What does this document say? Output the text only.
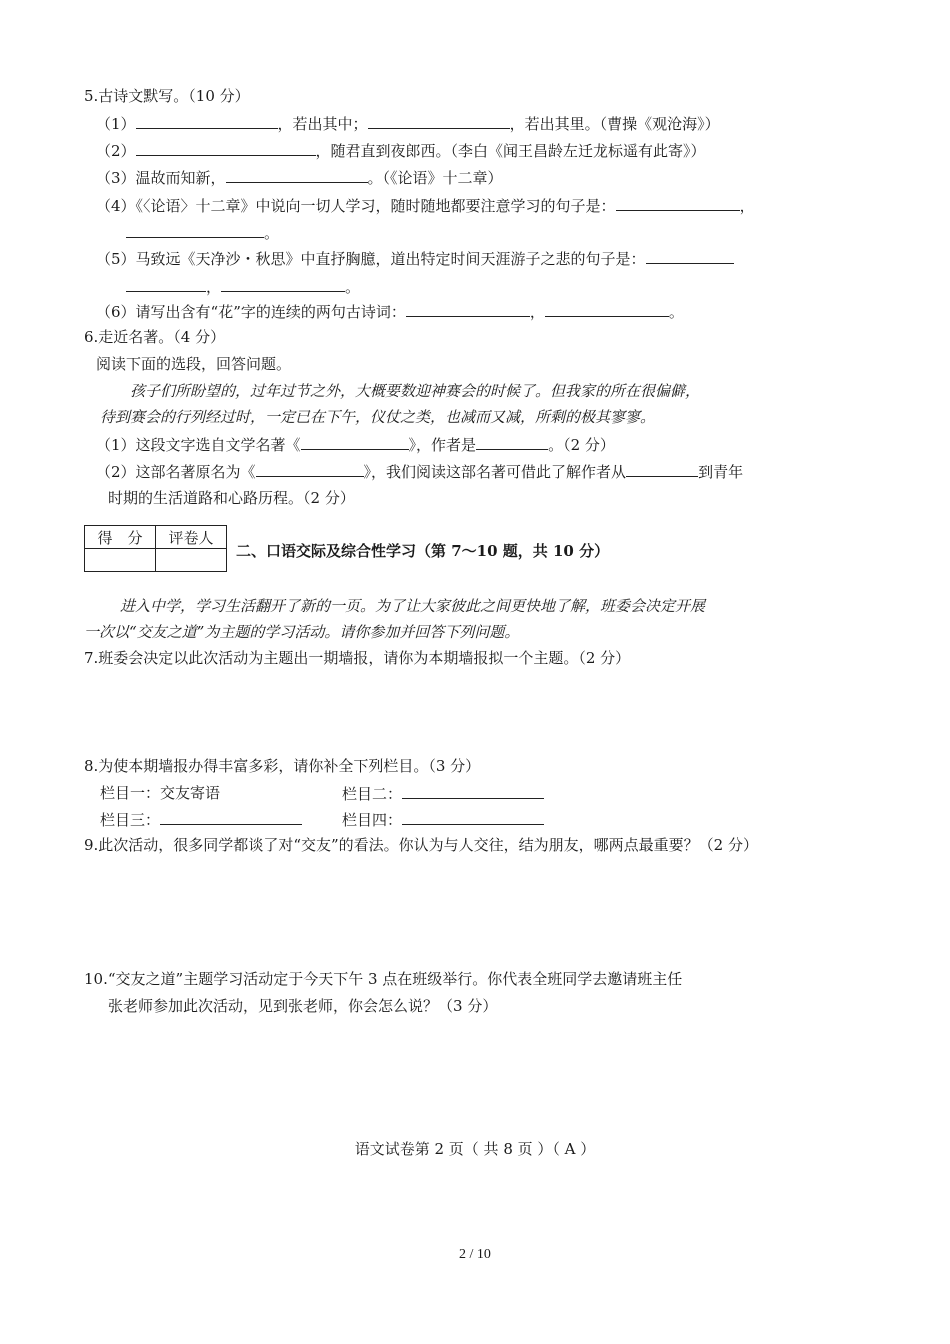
5.古诗文默写。（10 分）
（1）	，若出其中；	，若出其里。（曹操《观沧海》）
（2）	，随君直到夜郎西。（李白《闻王昌龄左迁龙标遥有此寄》）
（3）温故而知新，	。（《论语》十二章）
（4）《〈论语〉十二章》中说向一切人学习，随时随地都要注意学习的句子是：	，
。
（5）马致远《天净沙・秋思》中直抒胸臆，道出特定时间天涯游子之悲的句子是：
，	。
（6）请写出含有“花”字的连续的两句古诗词：	，	。
6.走近名著。（4 分）
阅读下面的选段，回答问题。
孩子们所盼望的，过年过节之外，大概要数迎神赛会的时候了。但我家的所在很偏僻，
待到赛会的行列经过时，一定已在下午，仪仗之类，也减而又减，所剩的极其寥寥。
（1）这段文字选自文学名著《	》，作者是	。（2 分）
（2）这部名著原名为《	》，我们阅读这部名著可借此了解作者从	到青年
时期的生活道路和心路历程。（2 分）
得　分	评卷人

二、口语交际及综合性学习（第 7～10 题，共 10 分）
进入中学，学习生活翻开了新的一页。为了让大家彼此之间更快地了解，班委会决定开展
一次以“交友之道”为主题的学习活动。请你参加并回答下列问题。
7.班委会决定以此次活动为主题出一期墙报，请你为本期墙报拟一个主题。（2 分）
8.为使本期墙报办得丰富多彩，请你补全下列栏目。（3 分）
栏目一：交友寄语	栏目二：
栏目三：	栏目四：
9.此次活动，很多同学都谈了对“交友”的看法。你认为与人交往，结为朋友，哪两点最重要？（2 分）
10.“交友之道”主题学习活动定于今天下午 3 点在班级举行。你代表全班同学去邀请班主任
张老师参加此次活动，见到张老师，你会怎么说？（3 分）
语文试卷第 2 页（ 共 8 页 ）（ A ）
2 / 10
